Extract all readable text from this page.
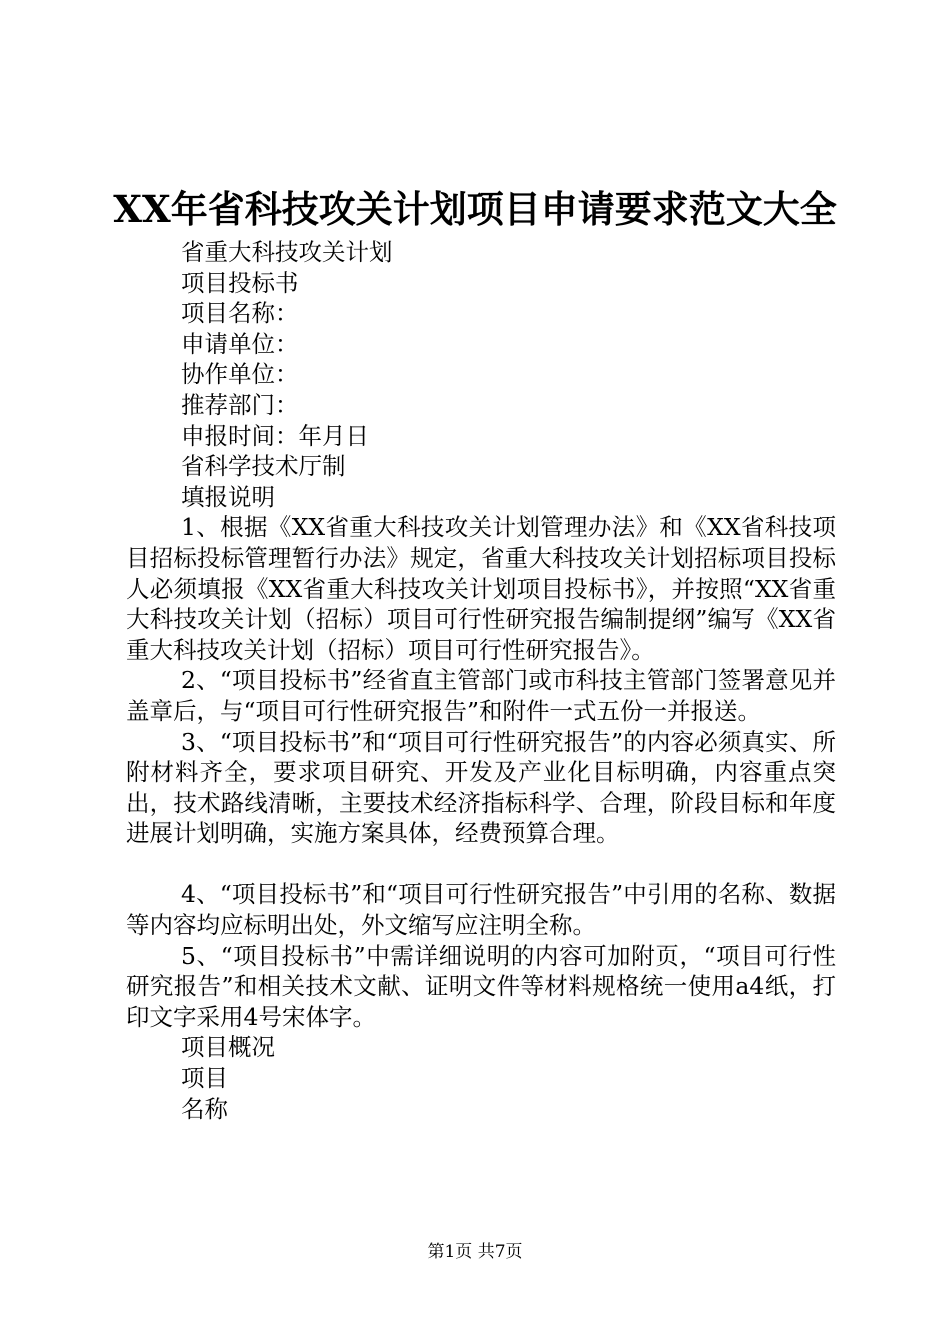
XX年省科技攻关计划项目申请要求范文大全
省重大科技攻关计划
项目投标书
项目名称：
申请单位：
协作单位：
推荐部门：
申报时间：年月日
省科学技术厅制
填报说明
1、根据《XX省重大科技攻关计划管理办法》和《XX省科技项目招标投标管理暂行办法》规定，省重大科技攻关计划招标项目投标人必须填报《XX省重大科技攻关计划项目投标书》，并按照“XX省重大科技攻关计划（招标）项目可行性研究报告编制提纲”编写《XX省重大科技攻关计划（招标）项目可行性研究报告》。
2、“项目投标书”经省直主管部门或市科技主管部门签署意见并盖章后，与“项目可行性研究报告”和附件一式五份一并报送。
3、“项目投标书”和“项目可行性研究报告”的内容必须真实、所附材料齐全，要求项目研究、开发及产业化目标明确，内容重点突出，技术路线清晰，主要技术经济指标科学、合理，阶段目标和年度进展计划明确，实施方案具体，经费预算合理。
4、“项目投标书”和“项目可行性研究报告”中引用的名称、数据等内容均应标明出处，外文缩写应注明全称。
5、“项目投标书”中需详细说明的内容可加附页，“项目可行性研究报告”和相关技术文献、证明文件等材料规格统一使用a4纸，打印文字采用4号宋体字。
项目概况
项目
名称
第1页 共7页
